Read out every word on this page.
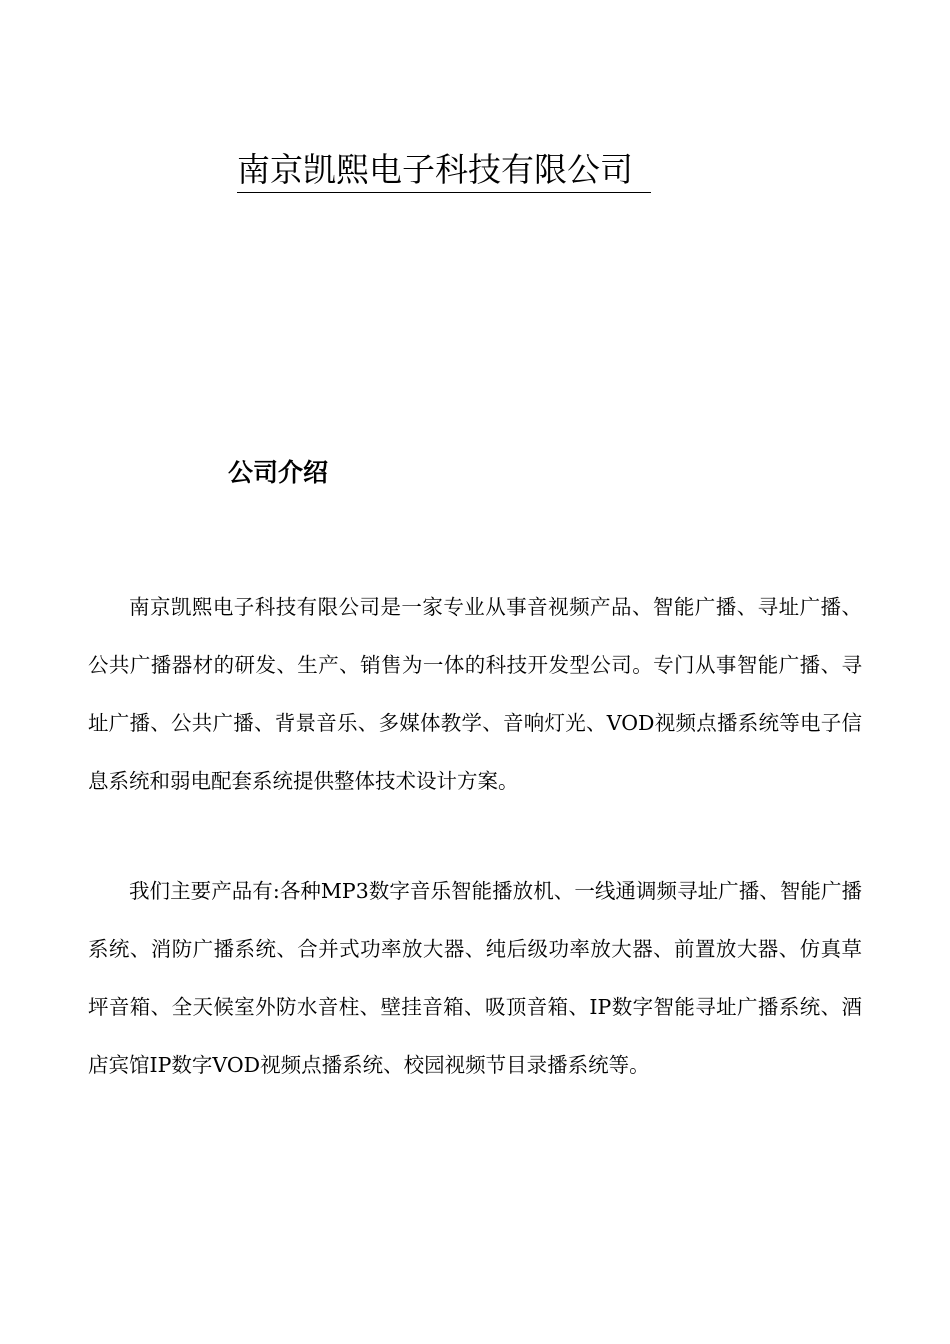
南京凯熙电子科技有限公司
公司介绍

南京凯熙电子科技有限公司是一家专业从事音视频产品、智能广播、寻址广播、公共广播器材的研发、生产、销售为一体的科技开发型公司。专门从事智能广播、寻址广播、公共广播、背景音乐、多媒体教学、音响灯光、VOD视频点播系统等电子信息系统和弱电配套系统提供整体技术设计方案。

我们主要产品有:各种MP3数字音乐智能播放机、一线通调频寻址广播、智能广播系统、消防广播系统、合并式功率放大器、纯后级功率放大器、前置放大器、仿真草坪音箱、全天候室外防水音柱、壁挂音箱、吸顶音箱、IP数字智能寻址广播系统、酒店宾馆IP数字VOD视频点播系统、校园视频节目录播系统等。
